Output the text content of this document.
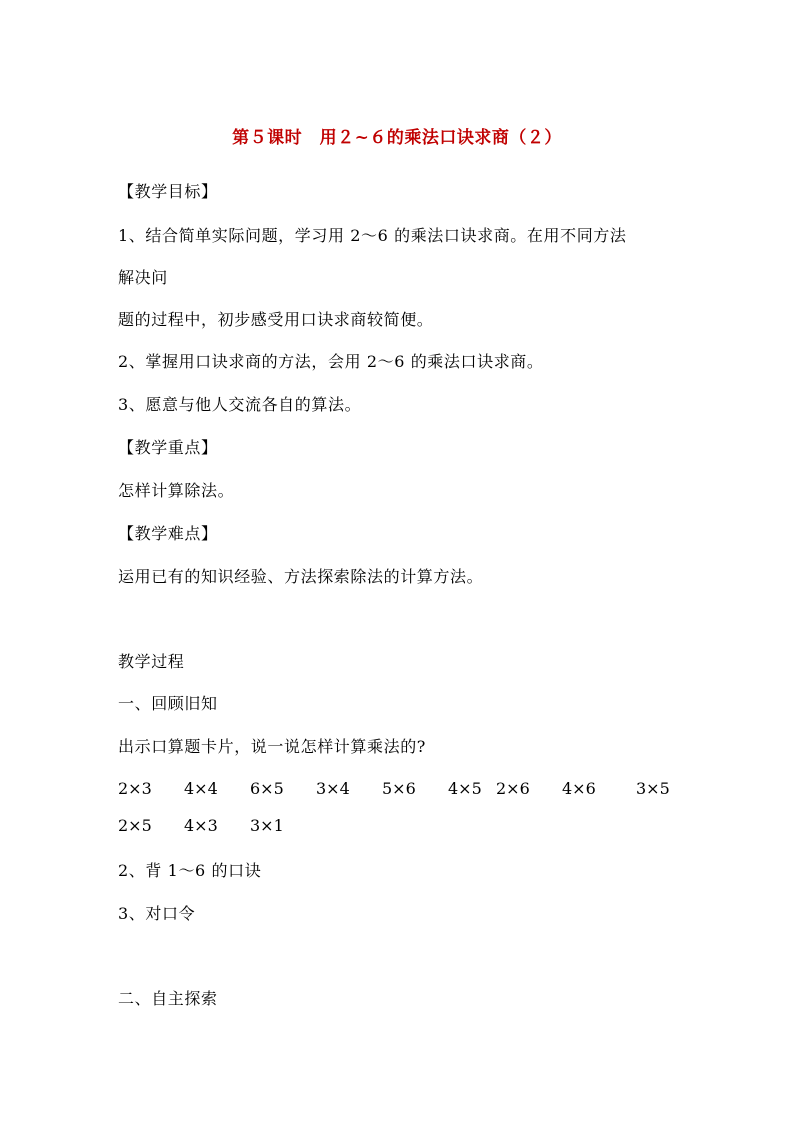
第５课时　用２~６的乘法口诀求商（２）
【教学目标】
1、结合简单实际问题，学习用 2～6 的乘法口诀求商。在用不同方法
解决问
题的过程中，初步感受用口诀求商较简便。
2、掌握用口诀求商的方法，会用 2～6 的乘法口诀求商。
3、愿意与他人交流各自的算法。
【教学重点】
怎样计算除法。
【教学难点】
运用已有的知识经验、方法探索除法的计算方法。
教学过程
一、回顾旧知
出示口算题卡片，说一说怎样计算乘法的?
2×3 4×4 6×5 3×4 5×6 4×5 2×6 4×6	3×5
2×5 4×3 3×1
2、背 1～6 的口诀
3、对口令
二、自主探索
